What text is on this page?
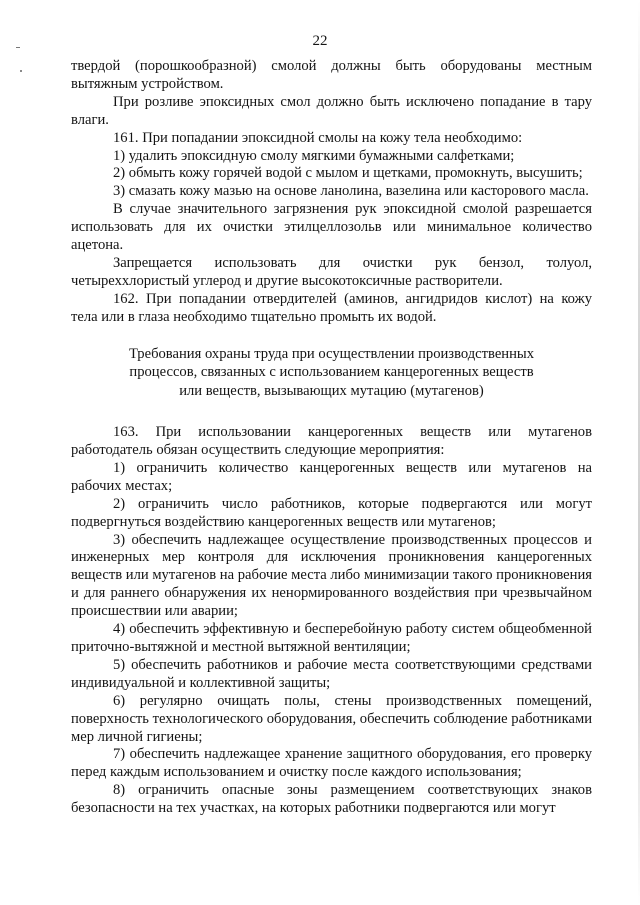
22

твердой (порошкообразной) смолой должны быть оборудованы местным вытяжным устройством.

При розливе эпоксидных смол должно быть исключено попадание в тару влаги.

161. При попадании эпоксидной смолы на кожу тела необходимо:

1) удалить эпоксидную смолу мягкими бумажными салфетками;

2) обмыть кожу горячей водой с мылом и щетками, промокнуть, высушить;

3) смазать кожу мазью на основе ланолина, вазелина или касторового масла.

В случае значительного загрязнения рук эпоксидной смолой разрешается использовать для их очистки этилцеллозольв или минимальное количество ацетона.

Запрещается использовать для очистки рук бензол, толуол, четыреххлористый углерод и другие высокотоксичные растворители.

162. При попадании отвердителей (аминов, ангидридов кислот) на кожу тела или в глаза необходимо тщательно промыть их водой.

Требования охраны труда при осуществлении производственных
процессов, связанных с использованием канцерогенных веществ
или веществ, вызывающих мутацию (мутагенов)

163. При использовании канцерогенных веществ или мутагенов работодатель обязан осуществить следующие мероприятия:

1) ограничить количество канцерогенных веществ или мутагенов на рабочих местах;

2) ограничить число работников, которые подвергаются или могут подвергнуться воздействию канцерогенных веществ или мутагенов;

3) обеспечить надлежащее осуществление производственных процессов и инженерных мер контроля для исключения проникновения канцерогенных веществ или мутагенов на рабочие места либо минимизации такого проникновения и для раннего обнаружения их ненормированного воздействия при чрезвычайном происшествии или аварии;

4) обеспечить эффективную и бесперебойную работу систем общеобменной приточно-вытяжной и местной вытяжной вентиляции;

5) обеспечить работников и рабочие места соответствующими средствами индивидуальной и коллективной защиты;

6) регулярно очищать полы, стены производственных помещений, поверхность технологического оборудования, обеспечить соблюдение работниками мер личной гигиены;

7) обеспечить надлежащее хранение защитного оборудования, его проверку перед каждым использованием и очистку после каждого использования;

8) ограничить опасные зоны размещением соответствующих знаков безопасности на тех участках, на которых работники подвергаются или могут
